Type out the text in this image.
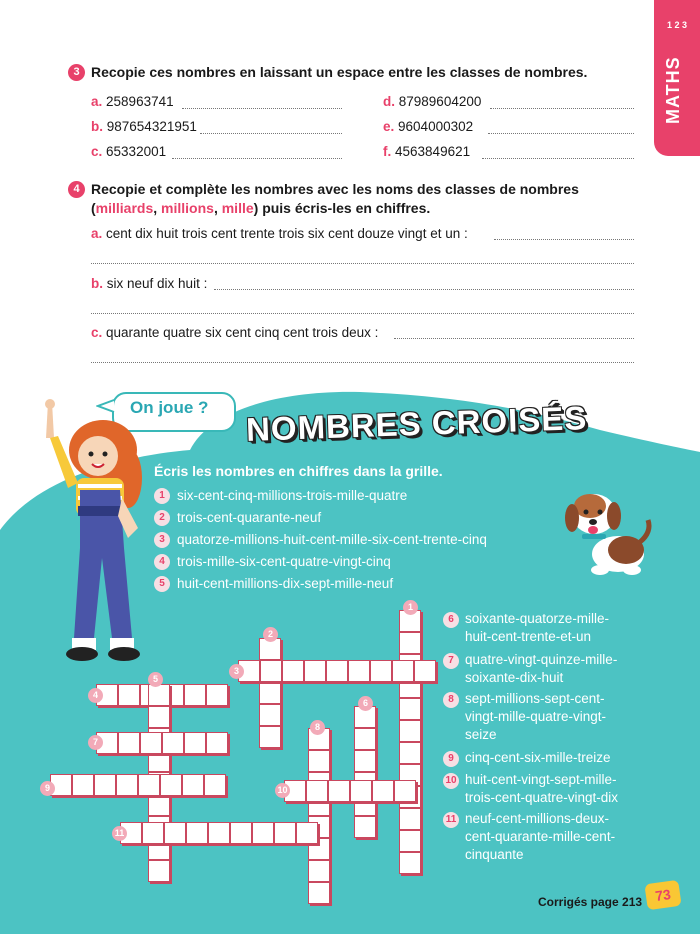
1 2 3
MATHS
3 Recopie ces nombres en laissant un espace entre les classes de nombres.
a. 258963741	d. 87989604200
b. 987654321951	e. 9604000302
c. 65332001	f. 4563849621
4 Recopie et complète les nombres avec les noms des classes de nombres
(milliards, millions, mille) puis écris-les en chiffres.
a. cent dix huit trois cent trente trois six cent douze vingt et un :
b. six neuf dix huit :
c. quarante quatre six cent cinq cent trois deux :
On joue ? NOMBRES CROISÉS
Écris les nombres en chiffres dans la grille.
1 six-cent-cinq-millions-trois-mille-quatre
2 trois-cent-quarante-neuf
3 quatorze-millions-huit-cent-mille-six-cent-trente-cinq
4 trois-mille-six-cent-quatre-vingt-cinq
5 huit-cent-millions-dix-sept-mille-neuf
6 soixante-quatorze-mille-
huit-cent-trente-et-un
7 quatre-vingt-quinze-mille-
soixante-dix-huit
8 sept-millions-sept-cent-
vingt-mille-quatre-vingt-
seize
9 cinq-cent-six-mille-treize
10 huit-cent-vingt-sept-mille-
trois-cent-quatre-vingt-dix
11 neuf-cent-millions-deux-
cent-quarante-mille-cent-
cinquante
1
2
3
4
5
6
7
8
9	10
11
Corrigés page 213 73
